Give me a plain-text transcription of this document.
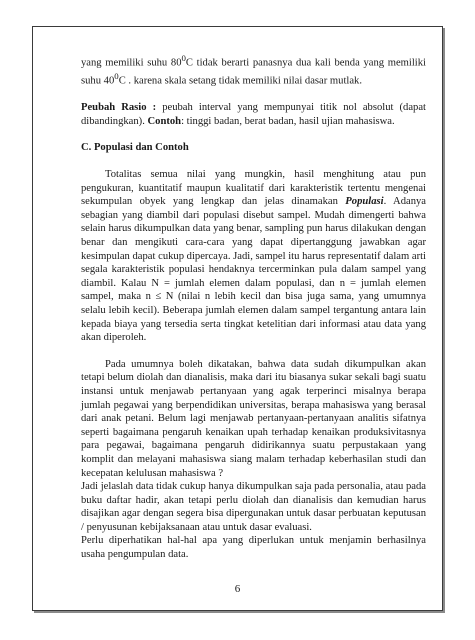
yang memiliki suhu $80^0C$ tidak berarti panasnya dua kali benda yang memiliki suhu $40^0C$ . karena skala setang tidak memiliki nilai dasar mutlak.

Peubah Rasio : peubah interval yang mempunyai titik nol absolut (dapat dibandingkan). Contoh: tinggi badan, berat badan, hasil ujian mahasiswa.

C. Populasi dan Contoh

Totalitas semua nilai yang mungkin, hasil menghitung atau pun pengukuran, kuantitatif maupun kualitatif dari karakteristik tertentu mengenai sekumpulan obyek yang lengkap dan jelas dinamakan Populasi. Adanya sebagian yang diambil dari populasi disebut sampel. Mudah dimengerti bahwa selain harus dikumpulkan data yang benar, sampling pun harus dilakukan dengan benar dan mengikuti cara-cara yang dapat dipertanggung jawabkan agar kesimpulan dapat cukup dipercaya. Jadi, sampel itu harus representatif dalam arti segala karakteristik populasi hendaknya tercerminkan pula dalam sampel yang diambil. Kalau N = jumlah elemen dalam populasi, dan n = jumlah elemen sampel, maka n ≤ N (nilai n lebih kecil dan bisa juga sama, yang umumnya selalu lebih kecil). Beberapa jumlah elemen dalam sampel tergantung antara lain kepada biaya yang tersedia serta tingkat ketelitian dari informasi atau data yang akan diperoleh.

Pada umumnya boleh dikatakan, bahwa data sudah dikumpulkan akan tetapi belum diolah dan dianalisis, maka dari itu biasanya sukar sekali bagi suatu instansi untuk menjawab pertanyaan yang agak terperinci misalnya berapa jumlah pegawai yang berpendidikan universitas, berapa mahasiswa yang berasal dari anak petani. Belum lagi menjawab pertanyaan-pertanyaan analitis sifatnya seperti bagaimana pengaruh kenaikan upah terhadap kenaikan produksivitasnya para pegawai, bagaimana pengaruh didirikannya suatu perpustakaan yang komplit dan melayani mahasiswa siang malam terhadap keberhasilan studi dan kecepatan kelulusan mahasiswa ?

Jadi jelaslah data tidak cukup hanya dikumpulkan saja pada personalia, atau pada buku daftar hadir, akan tetapi perlu diolah dan dianalisis dan kemudian harus disajikan agar dengan segera bisa dipergunakan untuk dasar perbuatan keputusan / penyusunan kebijaksanaan atau untuk dasar evaluasi.

Perlu diperhatikan hal-hal apa yang diperlukan untuk menjamin berhasilnya usaha pengumpulan data.

6
